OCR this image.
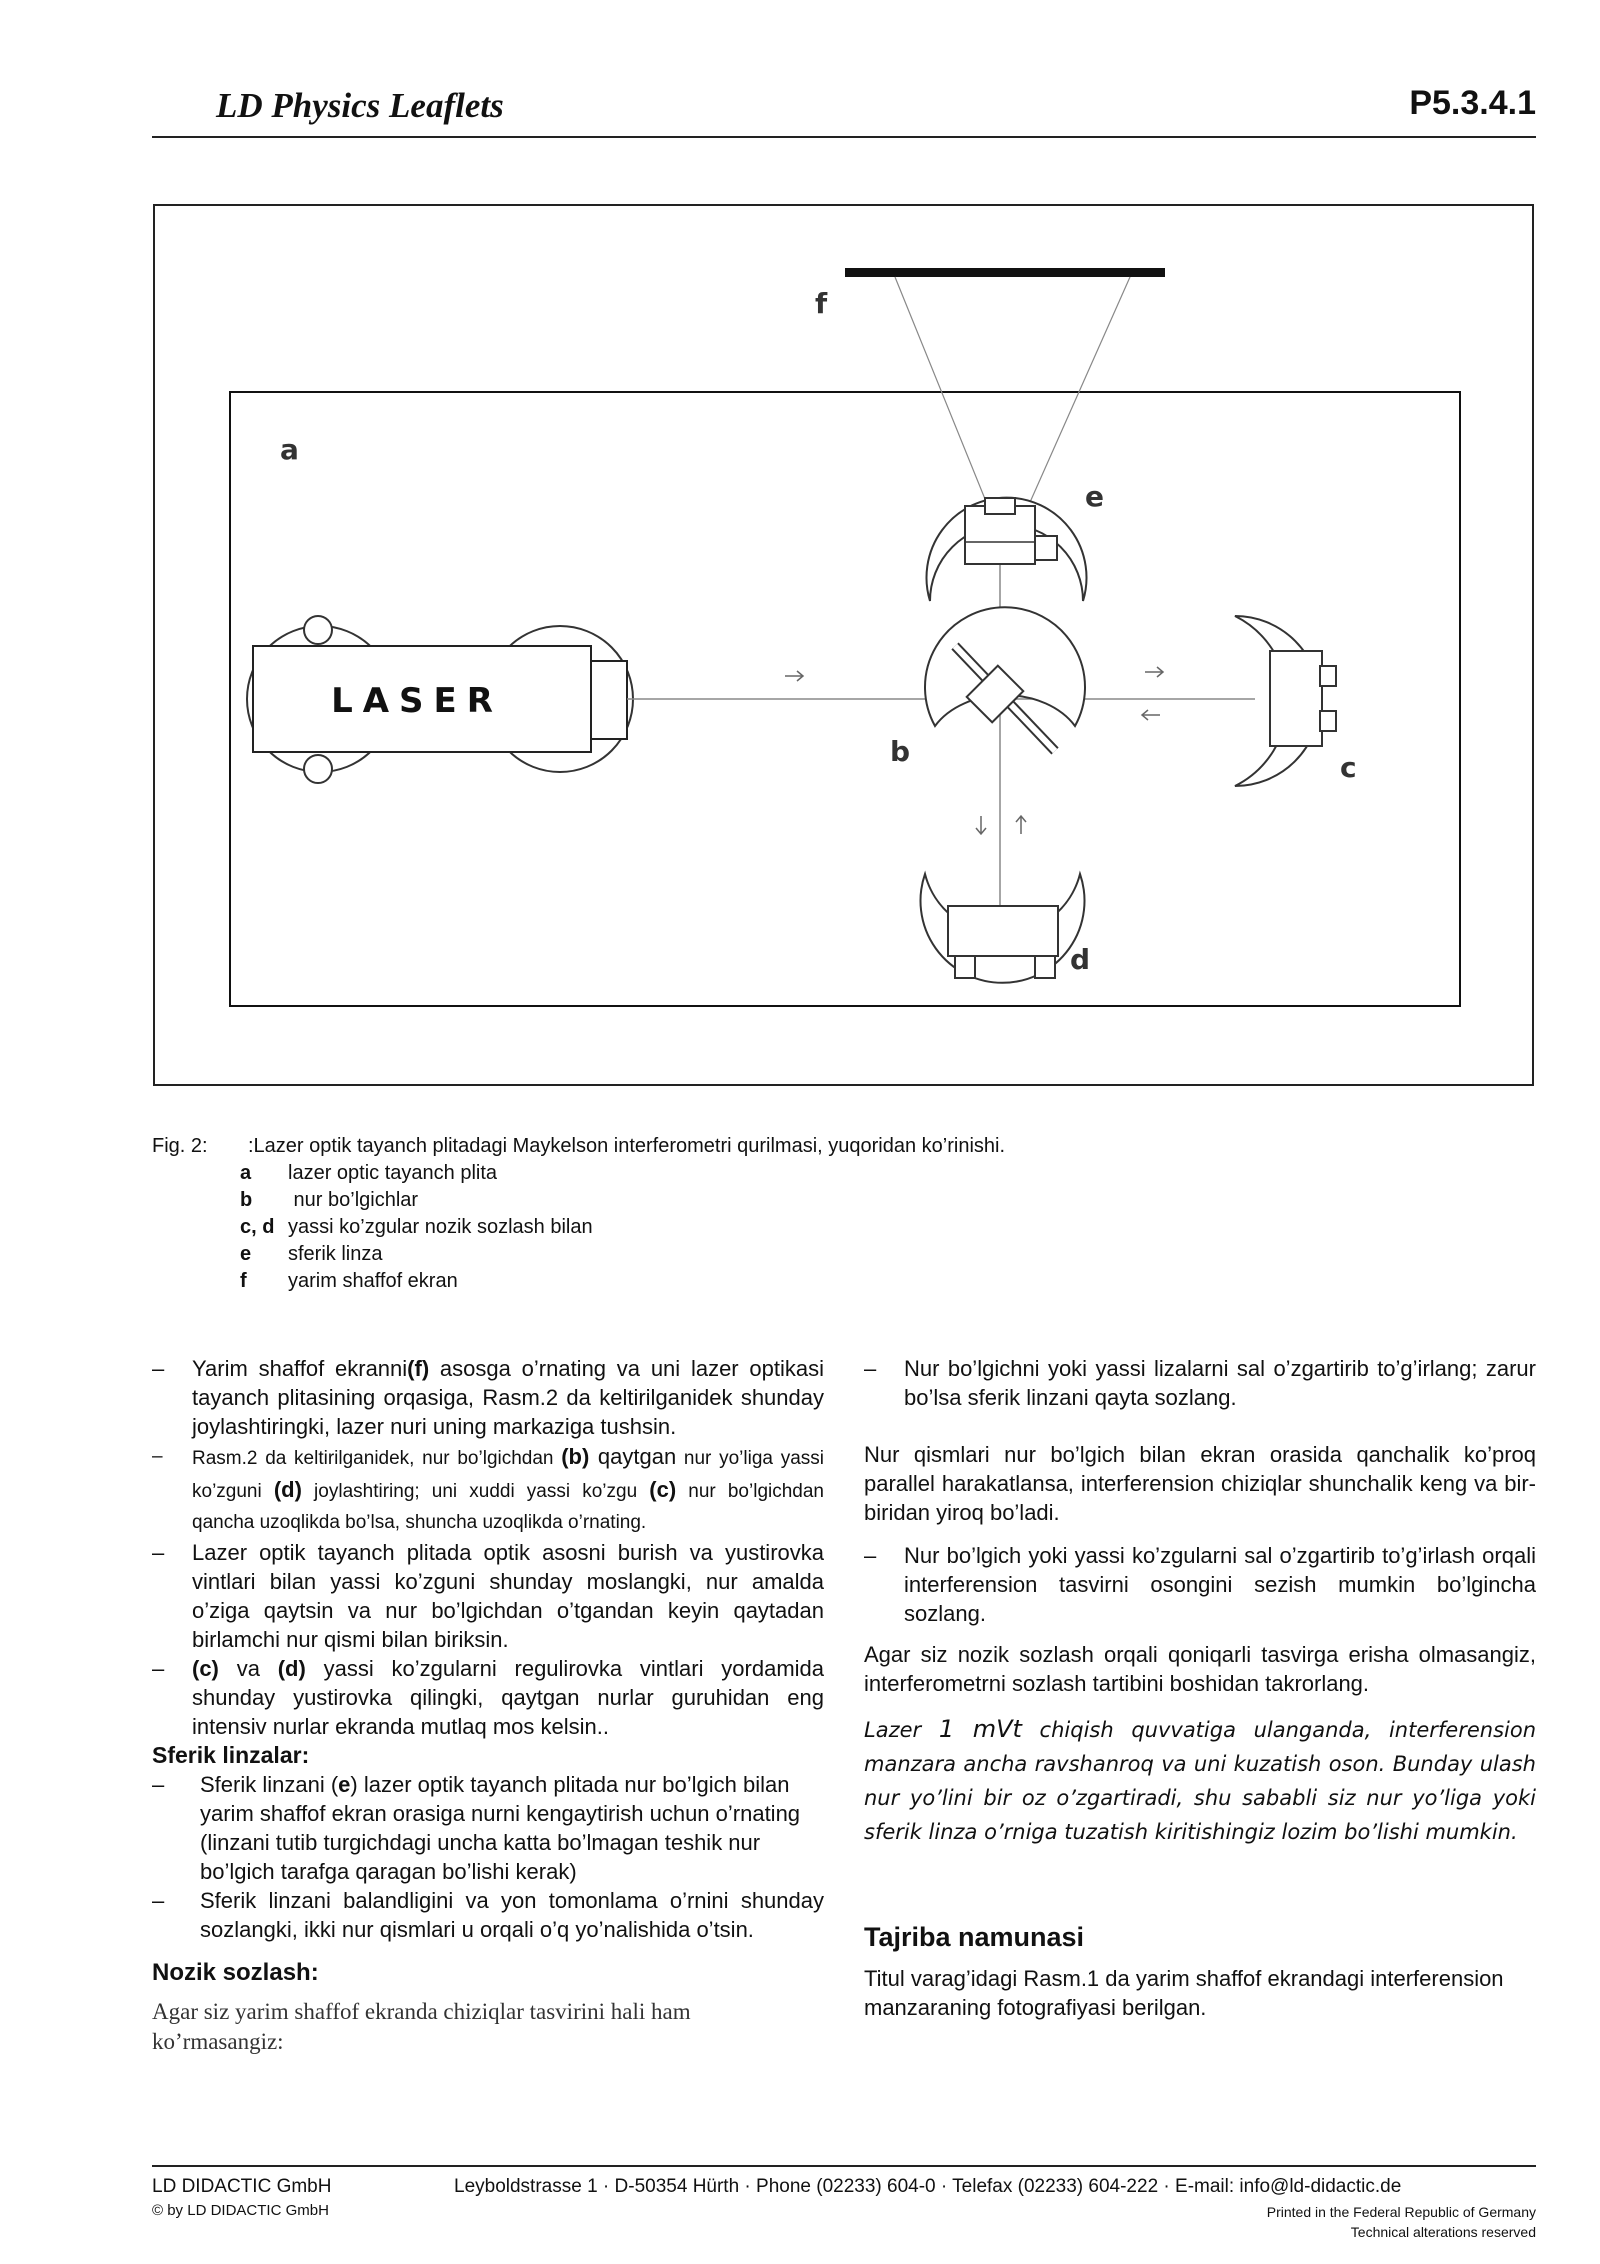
LD Physics Leaflets	P5.3.4.1
LASER
f
a
e
b	c
d
Fig. 2:	:Lazer optik tayanch plitadagi Maykelson interferometri qurilmasi, yuqoridan ko’rinishi.
a lazer optic tayanch plita
b nur bo’lgichlar
c, d yassi ko’zgular nozik sozlash bilan
e sferik linza
f yarim shaffof ekran

– Yarim shaffof ekranni(f) asosga o’rnating va uni lazer optikasi tayanch plitasining orqasiga, Rasm.2 da keltirilganidek shunday joylashtiringki, lazer nuri uning markaziga tushsin.

– Rasm.2 da keltirilganidek, nur bo’lgichdan (b) qaytgan nur yo’liga yassi ko’zguni (d) joylashtiring; uni xuddi yassi ko’zgu (c) nur bo’lgichdan qancha uzoqlikda bo’lsa, shuncha uzoqlikda o’rnating.

– Lazer optik tayanch plitada optik asosni burish va yustirovka vintlari bilan yassi ko’zguni shunday moslangki, nur amalda o’ziga qaytsin va nur bo’lgichdan o’tgandan keyin qaytadan birlamchi nur qismi bilan biriksin.

– (c) va (d) yassi ko’zgularni regulirovka vintlari yordamida shunday yustirovka qilingki, qaytgan nurlar guruhidan eng intensiv nurlar ekranda mutlaq mos kelsin..

Sferik linzalar:

– Sferik linzani (e) lazer optik tayanch plitada nur bo’lgich bilan yarim shaffof ekran orasiga nurni kengaytirish uchun o’rnating (linzani tutib turgichdagi uncha katta bo’lmagan teshik nur bo’lgich tarafga qaragan bo’lishi kerak)

– Sferik linzani balandligini va yon tomonlama o’rnini shunday sozlangki, ikki nur qismlari u orqali o’q yo’nalishida o’tsin.

Nozik sozlash:

Agar siz yarim shaffof ekranda chiziqlar tasvirini hali ham ko’rmasangiz:

– Nur bo’lgichni yoki yassi lizalarni sal o’zgartirib to’g’irlang; zarur bo’lsa sferik linzani qayta sozlang.

Nur qismlari nur bo’lgich bilan ekran orasida qanchalik ko’proq parallel harakatlansa, interferension chiziqlar shunchalik keng va bir-biridan yiroq bo’ladi.

– Nur bo’lgich yoki yassi ko’zgularni sal o’zgartirib to’g’irlash orqali interferension tasvirni osongini sezish mumkin bo’lgincha sozlang.

Agar siz nozik sozlash orqali qoniqarli tasvirga erisha olmasangiz, interferometrni sozlash tartibini boshidan takrorlang.

Lazer 1 mVt chiqish quvvatiga ulanganda, interferension manzara ancha ravshanroq va uni kuzatish oson. Bunday ulash nur yo’lini bir oz o’zgartiradi, shu sababli siz nur yo’liga yoki sferik linza o’rniga tuzatish kiritishingiz lozim bo’lishi mumkin.

Tajriba namunasi

Titul varag’idagi Rasm.1 da yarim shaffof ekrandagi interferension manzaraning fotografiyasi berilgan.

LD DIDACTIC GmbH
© by LD DIDACTIC GmbH
Leyboldstrasse 1 · D-50354 Hürth · Phone (02233) 604-0 · Telefax (02233) 604-222 · E-mail: info@ld-didactic.de
Printed in the Federal Republic of Germany
Technical alterations reserved
